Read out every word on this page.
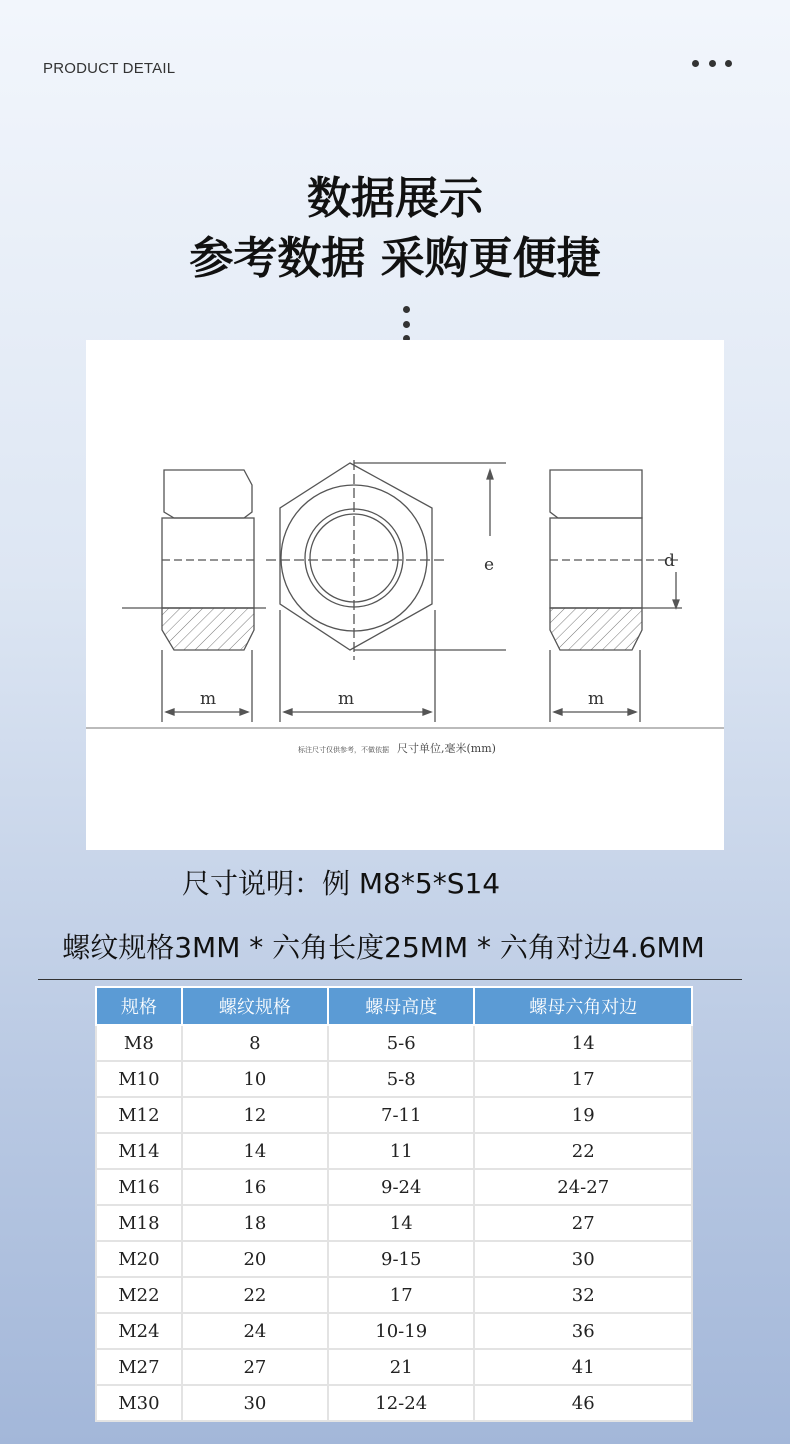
PRODUCT DETAIL
数据展示
参考数据 采购更便捷
m	m	m
e	d
标注尺寸仅供参考，不做依据 尺寸单位,毫米(mm)
尺寸说明：例 M8*5*S14
螺纹规格3MM * 六角长度25MM * 六角对边4.6MM
规格	螺纹规格	螺母高度	螺母六角对边
M8	8	5-6	14
M10	10	5-8	17
M12	12	7-11	19
M14	14	11	22
M16	16	9-24	24-27
M18	18	14	27
M20	20	9-15	30
M22	22	17	32
M24	24	10-19	36
M27	27	21	41
M30	30	12-24	46
